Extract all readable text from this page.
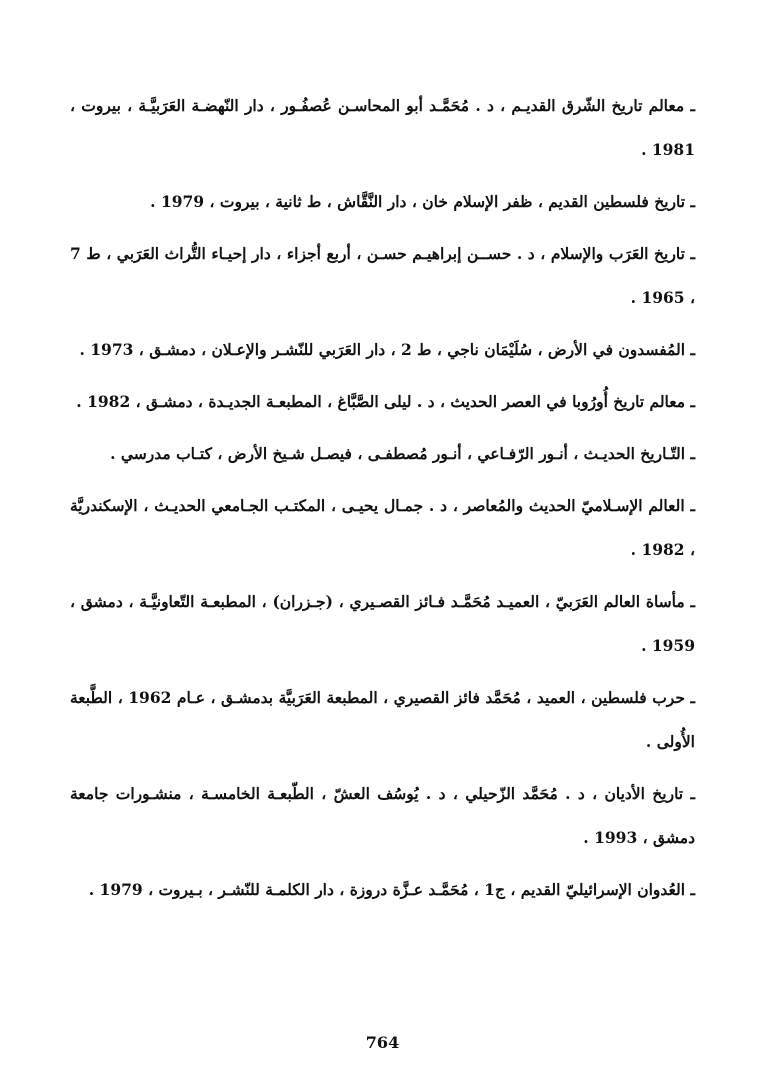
ـ معالم تاريخ الشّرق القديـم ، د . مُحَمَّـد أبو المحاسـن عُصفُـور ، دار النّهضـة العَرَبيَّـة ، بيروت ، 1981 .

ـ تاريخ فلسطين القديم ، ظفر الإسلام خان ، دار النَّقَّاش ، ط ثانية ، بيروت ، 1979 .

ـ تاريخ العَرَب والإسلام ، د . حســن إبراهيـم حسـن ، أربع أجزاء ، دار إحيـاء التُّراث العَرَبي ، ط 7 ، 1965 .

ـ المُفسدون في الأرض ، سُلَيْمَان ناجي ، ط 2 ، دار العَرَبي للنّشـر والإعـلان ، دمشـق ، 1973 .

ـ معالم تاريخ أُورُوبا في العصر الحديث ، د . ليلى الصَّبَّاغ ، المطبعـة الجديـدة ، دمشـق ، 1982 .

ـ التّـاريخ الحديـث ، أنـور الرّفـاعي ، أنـور مُصطفـى ، فيصـل شـيخ الأرض ، كتـاب مدرسي .

ـ العالم الإسـلاميّ الحديث والمُعاصر ، د . جمـال يحيـى ، المكتـب الجـامعي الحديـث ، الإسكندريَّة ، 1982 .

ـ مأساة العالم العَرَبيّ ، العميـد مُحَمَّـد فـائز القصـيري ، (جـزران) ، المطبعـة التّعاونيَّـة ، دمشق ، 1959 .

ـ حرب فلسطين ، العميد ، مُحَمَّد فائز القصيري ، المطبعة العَرَبيَّة بدمشـق ، عـام 1962 ، الطَّبعة الأُولى .

ـ تاريخ الأديان ، د . مُحَمَّد الزّحيلي ، د . يُوسُف العشّ ، الطّبعـة الخامسـة ، منشـورات جامعة دمشق ، 1993 .

ـ العُدوان الإسرائيليّ القديم ، ج1 ، مُحَمَّـد عـزَّة دروزة ، دار الكلمـة للنّشـر ، بـيروت ، 1979 .

764
